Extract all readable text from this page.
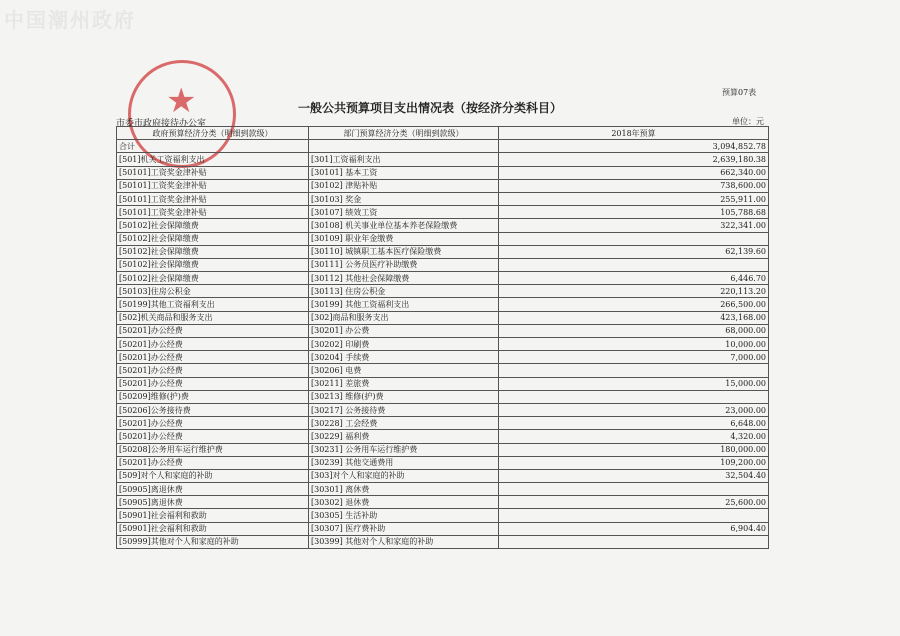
中国潮州政府
★	预算07表
一般公共预算项目支出情况表（按经济分类科目）
市委市政府接待办公室	单位：元
政府预算经济分类（明细到款级）	部门预算经济分类（明细到款级）	2018年预算
合计		3,094,852.78
[501]机关工资福利支出	[301]工资福利支出	2,639,180.38
[50101]工资奖金津补贴	[30101] 基本工资	662,340.00
[50101]工资奖金津补贴	[30102] 津贴补贴	738,600.00
[50101]工资奖金津补贴	[30103] 奖金	255,911.00
[50101]工资奖金津补贴	[30107] 绩效工资	105,788.68
[50102]社会保障缴费	[30108] 机关事业单位基本养老保险缴费	322,341.00
[50102]社会保障缴费	[30109] 职业年金缴费	
[50102]社会保障缴费	[30110] 城镇职工基本医疗保险缴费	62,139.60
[50102]社会保障缴费	[30111] 公务员医疗补助缴费	
[50102]社会保障缴费	[30112] 其他社会保障缴费	6,446.70
[50103]住房公积金	[30113] 住房公积金	220,113.20
[50199]其他工资福利支出	[30199] 其他工资福利支出	266,500.00
[502]机关商品和服务支出	[302]商品和服务支出	423,168.00
[50201]办公经费	[30201] 办公费	68,000.00
[50201]办公经费	[30202] 印刷费	10,000.00
[50201]办公经费	[30204] 手续费	7,000.00
[50201]办公经费	[30206] 电费	
[50201]办公经费	[30211] 差旅费	15,000.00
[50209]维修(护)费	[30213] 维修(护)费	
[50206]公务接待费	[30217] 公务接待费	23,000.00
[50201]办公经费	[30228] 工会经费	6,648.00
[50201]办公经费	[30229] 福利费	4,320.00
[50208]公务用车运行维护费	[30231] 公务用车运行维护费	180,000.00
[50201]办公经费	[30239] 其他交通费用	109,200.00
[509]对个人和家庭的补助	[303]对个人和家庭的补助	32,504.40
[50905]离退休费	[30301] 离休费	
[50905]离退休费	[30302] 退休费	25,600.00
[50901]社会福利和救助	[30305] 生活补助	
[50901]社会福利和救助	[30307] 医疗费补助	6,904.40
[50999]其他对个人和家庭的补助	[30399] 其他对个人和家庭的补助	
